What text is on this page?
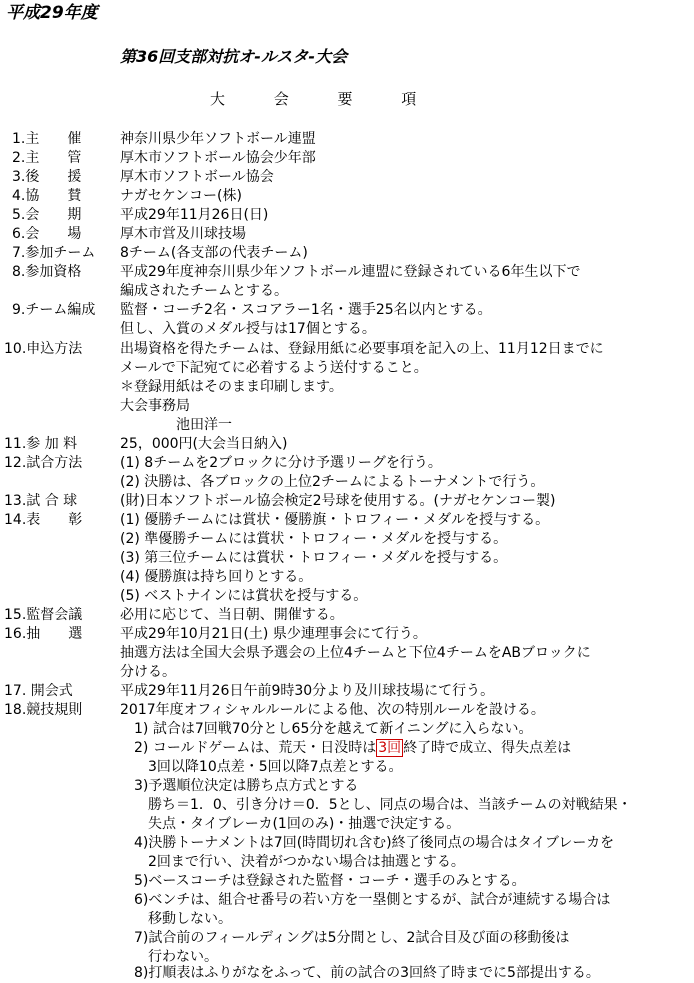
平成29年度
第36回支部対抗オ-ルスタ-大会
大 会 要 項
1.主　　催	神奈川県少年ソフトボール連盟
2.主　　管	厚木市ソフトボール協会少年部
3.後　　援	厚木市ソフトボール協会
4.協　　賛	ナガセケンコー(株)
5.会　　期	平成29年11月26日(日)
6.会　　場	厚木市営及川球技場
7.参加チーム 8チーム(各支部の代表チーム)
8.参加資格	平成29年度神奈川県少年ソフトボール連盟に登録されている6年生以下で
編成されたチームとする。
9.チーム編成 監督・コーチ2名・スコアラー1名・選手25名以内とする。
但し、入賞のメダル授与は17個とする。
10.申込方法	出場資格を得たチームは、登録用紙に必要事項を記入の上、11月12日までに
メールで下記宛てに必着するよう送付すること。
＊登録用紙はそのまま印刷します。
大会事務局
　　　　池田洋一
11.参 加 料	25，000円(大会当日納入)
12.試合方法	(1) 8チームを2ブロックに分け予選リーグを行う。
(2) 決勝は、各ブロックの上位2チームによるトーナメントで行う。
13.試 合 球	(財)日本ソフトボール協会検定2号球を使用する。(ナガセケンコー製)
14.表　　彰	(1) 優勝チームには賞状・優勝旗・トロフィー・メダルを授与する。
(2) 準優勝チームには賞状・トロフィー・メダルを授与する。
(3) 第三位チームには賞状・トロフィー・メダルを授与する。
(4) 優勝旗は持ち回りとする。
(5) ベストナインには賞状を授与する。
15.監督会議	必用に応じて、当日朝、開催する。
16.抽　　選	平成29年10月21日(土) 県少連理事会にて行う。
抽選方法は全国大会県予選会の上位4チームと下位4チームをABブロックに
分ける。
17. 開会式	平成29年11月26日午前9時30分より及川球技場にて行う。
18.競技規則	2017年度オフィシャルルールによる他、次の特別ルールを設ける。
　1) 試合は7回戦70分とし65分を越えて新イニングに入らない。
　2) コールドゲームは、荒天・日没時は 3回 終了時で成立、得失点差は
　　3回以降10点差・5回以降7点差とする。
　3)予選順位決定は勝ち点方式とする
　　勝ち＝1．0、引き分け＝0．5とし、同点の場合は、当該チームの対戦結果・
　　失点・タイブレーカ(1回のみ)・抽選で決定する。
　4)決勝トーナメントは7回(時間切れ含む)終了後同点の場合はタイブレーカを
　　2回まで行い、決着がつかない場合は抽選とする。
　5)ベースコーチは登録された監督・コーチ・選手のみとする。
　6)ベンチは、組合せ番号の若い方を一塁側とするが、試合が連続する場合は
　　移動しない。
　7)試合前のフィールディングは5分間とし、2試合目及び面の移動後は
　　行わない。
　8)打順表はふりがなをふって、前の試合の3回終了時までに5部提出する。
